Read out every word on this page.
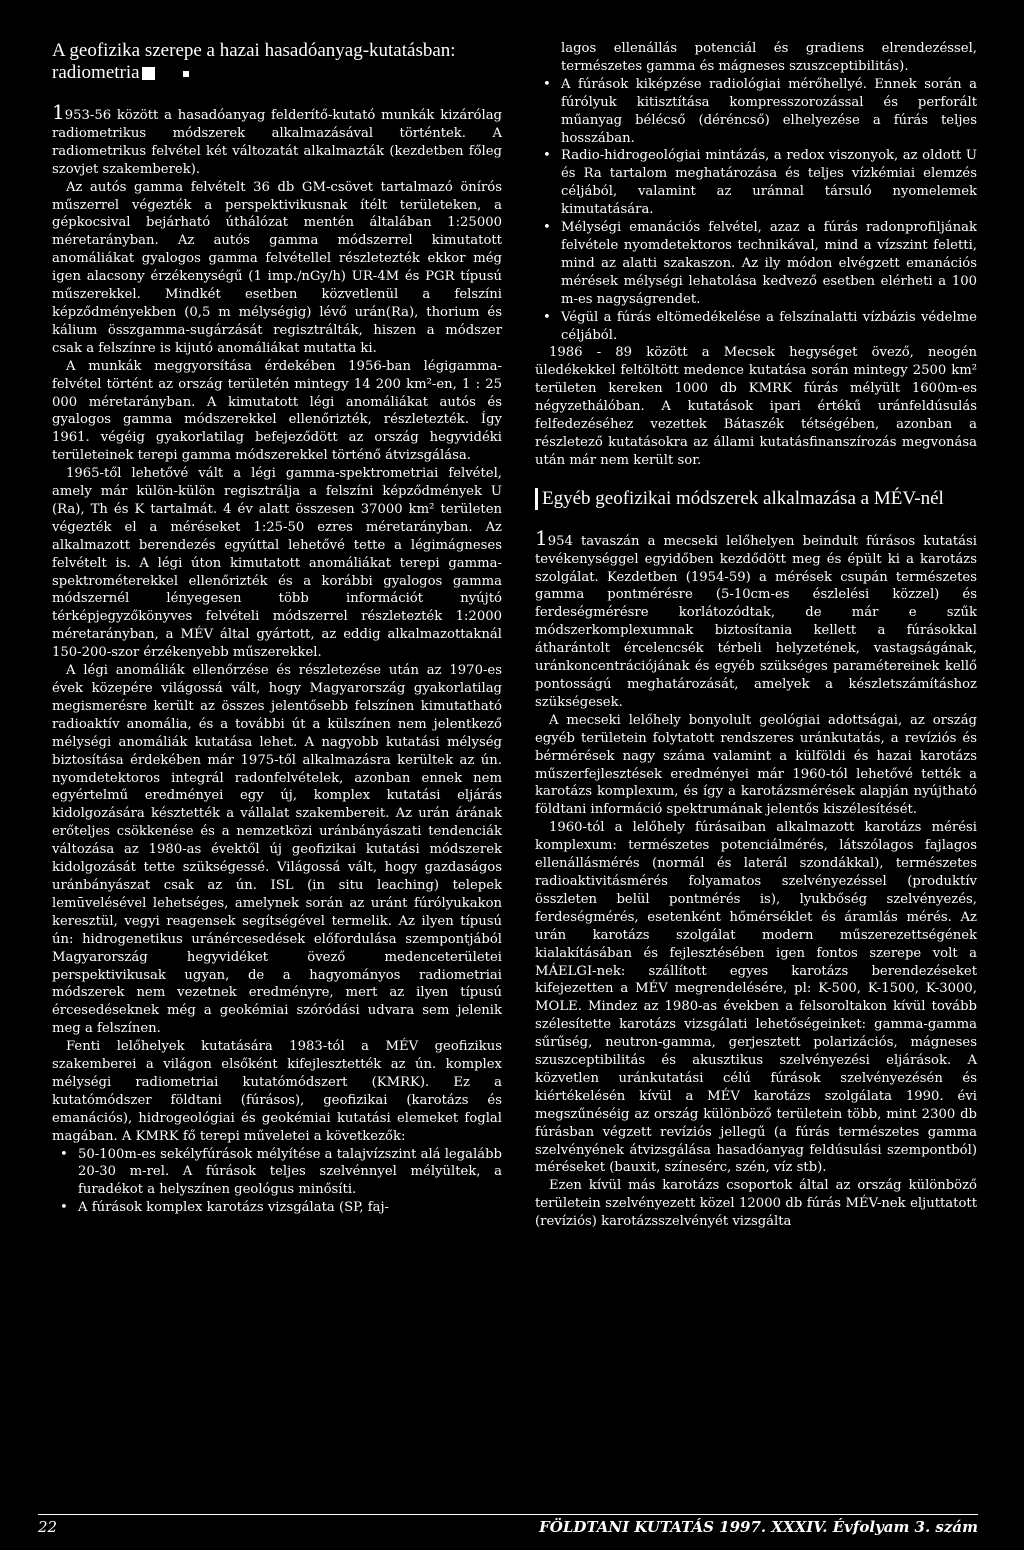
A geofizika szerepe a hazai hasadóanyag-kutatásban: radiometria

1953-56 között a hasadóanyag felderítő-kutató munkák kizárólag radiometrikus módszerek alkalmazásával történtek. A radiometrikus felvétel két változatát alkalmazták (kezdetben főleg szovjet szakemberek).

Az autós gamma felvételt 36 db GM-csövet tartalmazó önírós műszerrel végezték a perspektivikusnak ítélt területeken, a gépkocsival bejárható úthálózat mentén általában 1:25000 méretarányban. Az autós gamma módszerrel kimutatott anomáliákat gyalogos gamma felvétellel részletezték ekkor még igen alacsony érzékenységű (1 imp./nGy/h) UR-4M és PGR típusú műszerekkel. Mindkét esetben közvetlenül a felszíni képződményekben (0,5 m mélységig) lévő urán(Ra), thorium és kálium összgamma-sugárzását regisztrálták, hiszen a módszer csak a felszínre is kijutó anomáliákat mutatta ki.

A munkák meggyorsítása érdekében 1956-ban légigamma-felvétel történt az ország területén mintegy 14 200 km²-en, 1 : 25 000 méretarányban. A kimutatott légi anomáliákat autós és gyalogos gamma módszerekkel ellenőrizték, részletezték. Így 1961. végéig gyakorlatilag befejeződött az ország hegyvidéki területeinek terepi gamma módszerekkel történő átvizsgálása.

1965-től lehetővé vált a légi gamma-spektrometriai felvétel, amely már külön-külön regisztrálja a felszíni képződmények U (Ra), Th és K tartalmát. 4 év alatt összesen 37000 km² területen végezték el a méréseket 1:25-50 ezres méretarányban. Az alkalmazott berendezés egyúttal lehetővé tette a légimágneses felvételt is. A légi úton kimutatott anomáliákat terepi gamma-spektrométerekkel ellenőrizték és a korábbi gyalogos gamma módszernél lényegesen több információt nyújtó térképjegyzőkönyves felvételi módszerrel részletezték 1:2000 méretarányban, a MÉV által gyártott, az eddig alkalmazottaknál 150-200-szor érzékenyebb műszerekkel.

A légi anomáliák ellenőrzése és részletezése után az 1970-es évek közepére világossá vált, hogy Magyarország gyakorlatilag megismerésre került az összes jelentősebb felszínen kimutatható radioaktív anomália, és a további út a külszínen nem jelentkező mélységi anomáliák kutatása lehet. A nagyobb kutatási mélység biztosítása érdekében már 1975-től alkalmazásra kerültek az ún. nyomdetektoros integrál radonfelvételek, azonban ennek nem egyértelmű eredményei egy új, komplex kutatási eljárás kidolgozására késztették a vállalat szakembereit. Az urán árának erőteljes csökkenése és a nemzetközi uránbányászati tendenciák változása az 1980-as évektől új geofizikai kutatási módszerek kidolgozását tette szükségessé. Világossá vált, hogy gazdaságos uránbányászat csak az ún. ISL (in situ leaching) telepek lemūvelésével lehetséges, amelynek során az uránt fúrólyukakon keresztül, vegyi reagensek segítségével termelik. Az ilyen típusú ún: hidrogenetikus uránércesedések előfordulása szempontjából Magyarország hegyvidéket övező medenceterületei perspektivikusak ugyan, de a hagyományos radiometriai módszerek nem vezetnek eredményre, mert az ilyen típusú ércesedéseknek még a geokémiai szóródási udvara sem jelenik meg a felszínen.

Fenti lelőhelyek kutatására 1983-tól a MÉV geofizikus szakemberei a világon elsőként kifejlesztették az ún. komplex mélységi radiometriai kutatómódszert (KMRK). Ez a kutatómódszer földtani (fúrásos), geofizikai (karotázs és emanációs), hidrogeológiai és geokémiai kutatási elemeket foglal magában. A KMRK fő terepi műveletei a következők:

• 50-100m-es sekélyfúrások mélyítése a talajvízszint alá legalább 20-30 m-rel. A fúrások teljes szelvénnyel mélyültek, a furadékot a helyszínen geológus minősíti.
• A fúrások komplex karotázs vizsgálata (SP, faj-

lagos ellenállás potenciál és gradiens elrendezéssel, természetes gamma és mágneses szuszceptibilitás).

• A fúrások kiképzése radiológiai mérőhellyé. Ennek során a fúrólyuk kitisztítása kompresszorozással és perforált műanyag bélécső (déréncső) elhelyezése a fúrás teljes hosszában.
• Radio-hidrogeológiai mintázás, a redox viszonyok, az oldott U és Ra tartalom meghatározása és teljes vízkémiai elemzés céljából, valamint az uránnal társuló nyomelemek kimutatására.
• Mélységi emanációs felvétel, azaz a fúrás radonprofiljának felvétele nyomdetektoros technikával, mind a vízszint feletti, mind az alatti szakaszon. Az ily módon elvégzett emanációs mérések mélységi lehatolása kedvező esetben elérheti a 100 m-es nagyságrendet.
• Végül a fúrás eltömedékelése a felszínalatti vízbázis védelme céljából.

1986 - 89 között a Mecsek hegységet övező, neogén üledékekkel feltöltött medence kutatása során mintegy 2500 km² területen kereken 1000 db KMRK fúrás mélyült 1600m-es négyzethálóban. A kutatások ipari értékű uránfeldúsulás felfedezéséhez vezettek Bátaszék tétségében, azonban a részletező kutatásokra az állami kutatásfinanszírozás megvonása után már nem került sor.

Egyéb geofizikai módszerek alkalmazása a MÉV-nél

1954 tavaszán a mecseki lelőhelyen beindult fúrásos kutatási tevékenységgel egyidőben kezdődött meg és épült ki a karotázs szolgálat. Kezdetben (1954-59) a mérések csupán természetes gamma pontmérésre (5-10cm-es észlelési közzel) és ferdeségmérésre korlátozódtak, de már e szűk módszerkomplexumnak biztosítania kellett a fúrásokkal átharántolt ércelencsék térbeli helyzetének, vastagságának, uránkoncentrációjának és egyéb szükséges paramétereinek kellő pontosságú meghatározását, amelyek a készletszámításhoz szükségesek.

A mecseki lelőhely bonyolult geológiai adottságai, az ország egyéb területein folytatott rendszeres uránkutatás, a revíziós és bérmérések nagy száma valamint a külföldi és hazai karotázs műszerfejlesztések eredményei már 1960-tól lehetővé tették a karotázs komplexum, és így a karotázsmérések alapján nyújtható földtani információ spektrumának jelentős kiszélesítését.

1960-tól a lelőhely fúrásaiban alkalmazott karotázs mérési komplexum: természetes potenciálmérés, látszólagos fajlagos ellenállásmérés (normál és laterál szondákkal), természetes radioaktivitásmérés folyamatos szelvényezéssel (produktív összleten belül pontmérés is), lyukbőség szelvényezés, ferdeségmérés, esetenként hőmérséklet és áramlás mérés. Az urán karotázs szolgálat modern műszerezettségének kialakításában és fejlesztésében igen fontos szerepe volt a MÁELGI-nek: szállított egyes karotázs berendezéseket kifejezetten a MÉV megrendelésére, pl: K-500, K-1500, K-3000, MOLE. Mindez az 1980-as években a felsoroltakon kívül tovább szélesítette karotázs vizsgálati lehetőségeinket: gamma-gamma sűrűség, neutron-gamma, gerjesztett polarizációs, mágneses szuszceptibilitás és akusztikus szelvényezési eljárások. A közvetlen uránkutatási célú fúrások szelvényezésén és kiértékelésén kívül a MÉV karotázs szolgálata 1990. évi megszűnéséig az ország különböző területein több, mint 2300 db fúrásban végzett revíziós jellegű (a fúrás természetes gamma szelvényének átvizsgálása hasadóanyag feldúsulási szempontból) méréseket (bauxit, színesérc, szén, víz stb).

Ezen kívül más karotázs csoportok által az ország különböző területein szelvényezett közel 12000 db fúrás MÉV-nek eljuttatott (revíziós) karotázsszelvényét vizsgálta

22	FÖLDTANI KUTATÁS 1997. XXXIV. Évfolyam 3. szám
